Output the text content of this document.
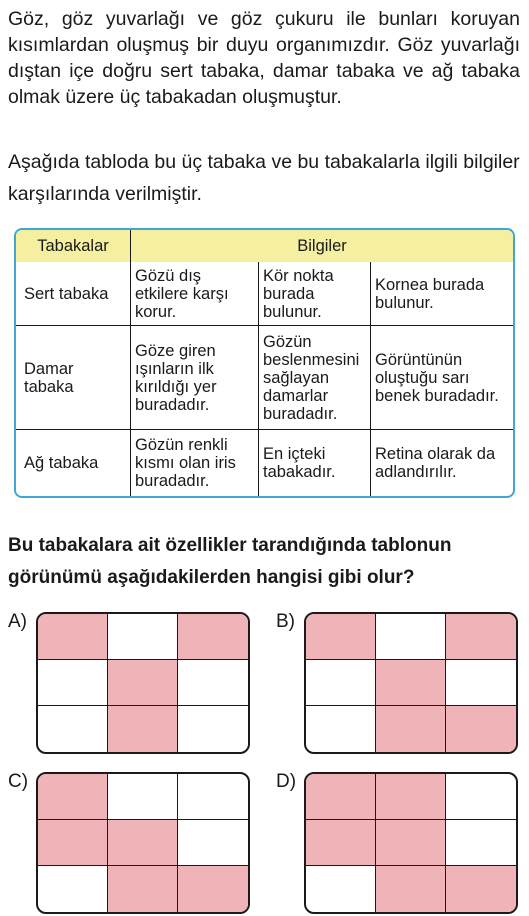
Göz, göz yuvarlağı ve göz çukuru ile bunları koruyan kısımlardan oluşmuş bir duyu organımızdır. Göz yuvarlağı dıştan içe doğru sert tabaka, damar tabaka ve ağ tabaka olmak üzere üç tabakadan oluşmuştur.

Aşağıda tabloda bu üç tabaka ve bu tabakalarla ilgili bilgiler karşılarında verilmiştir.

Tabakalar	Bilgiler		
Sert tabaka	Gözü dış etkilere karşı korur.	Kör nokta burada bulunur.	Kornea burada bulunur.
Damar tabaka	Göze giren ışınların ilk kırıldığı yer buradadır.	Gözün beslenmesini sağlayan damarlar buradadır.	Görüntünün oluştuğu sarı benek buradadır.
Ağ tabaka	Gözün renkli kısmı olan iris buradadır.	En içteki tabakadır.	Retina olarak da adlandırılır.

Bu tabakalara ait özellikler tarandığında tablonun görünümü aşağıdakilerden hangisi gibi olur?

A)	B)
C)	D)
